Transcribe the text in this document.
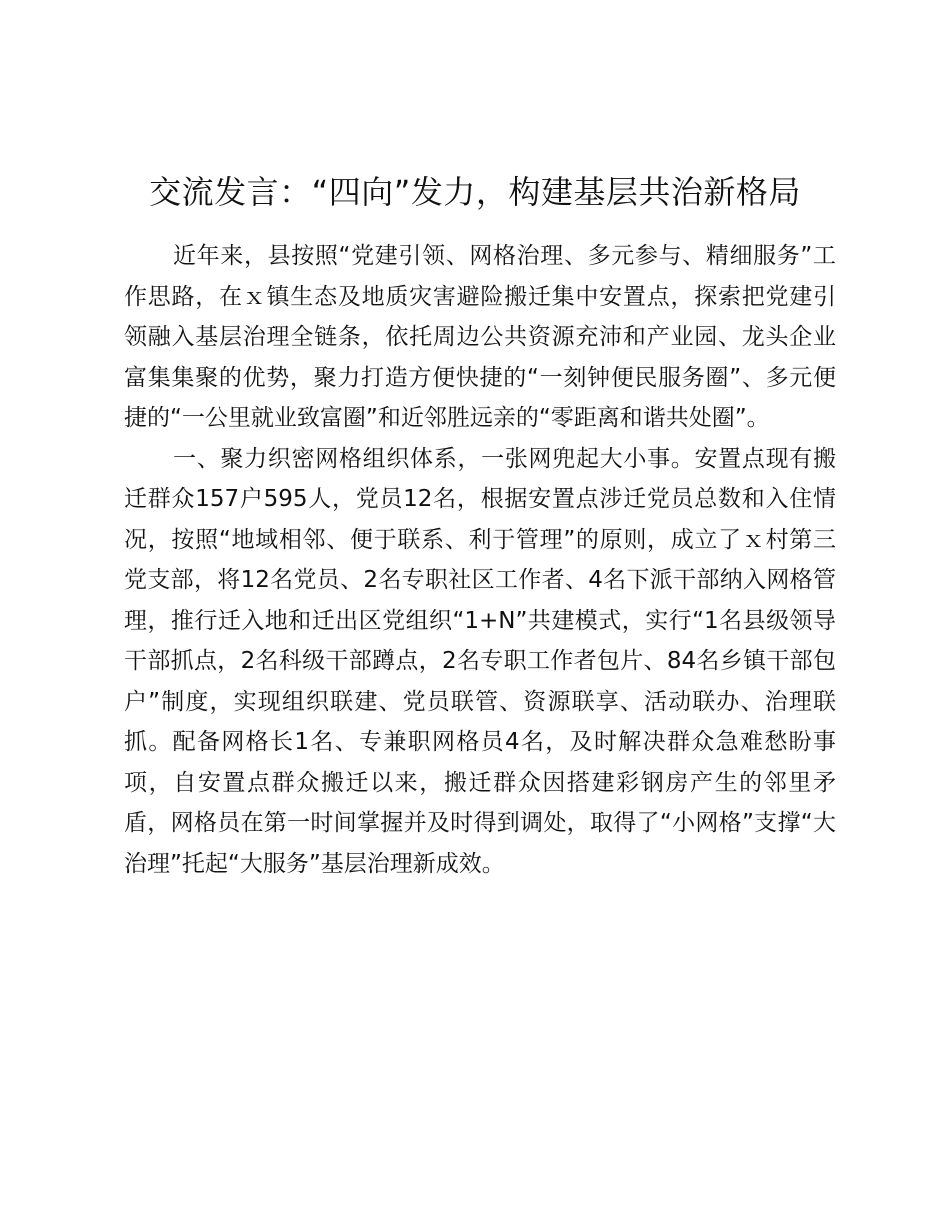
交流发言：“四向”发力，构建基层共治新格局

近年来，县按照“党建引领、网格治理、多元参与、精细服务”工作思路，在ｘ镇生态及地质灾害避险搬迁集中安置点，探索把党建引领融入基层治理全链条，依托周边公共资源充沛和产业园、龙头企业富集集聚的优势，聚力打造方便快捷的“一刻钟便民服务圈”、多元便捷的“一公里就业致富圈”和近邻胜远亲的“零距离和谐共处圈”。

一、聚力织密网格组织体系，一张网兜起大小事。安置点现有搬迁群众157户595人，党员12名，根据安置点涉迁党员总数和入住情况，按照“地域相邻、便于联系、利于管理”的原则，成立了ｘ村第三党支部，将12名党员、2名专职社区工作者、4名下派干部纳入网格管理，推行迁入地和迁出区党组织“1+N”共建模式，实行“1名县级领导干部抓点，2名科级干部蹲点，2名专职工作者包片、84名乡镇干部包户”制度，实现组织联建、党员联管、资源联享、活动联办、治理联抓。配备网格长1名、专兼职网格员4名，及时解决群众急难愁盼事项，自安置点群众搬迁以来，搬迁群众因搭建彩钢房产生的邻里矛盾，网格员在第一时间掌握并及时得到调处，取得了“小网格”支撑“大治理”托起“大服务”基层治理新成效。
